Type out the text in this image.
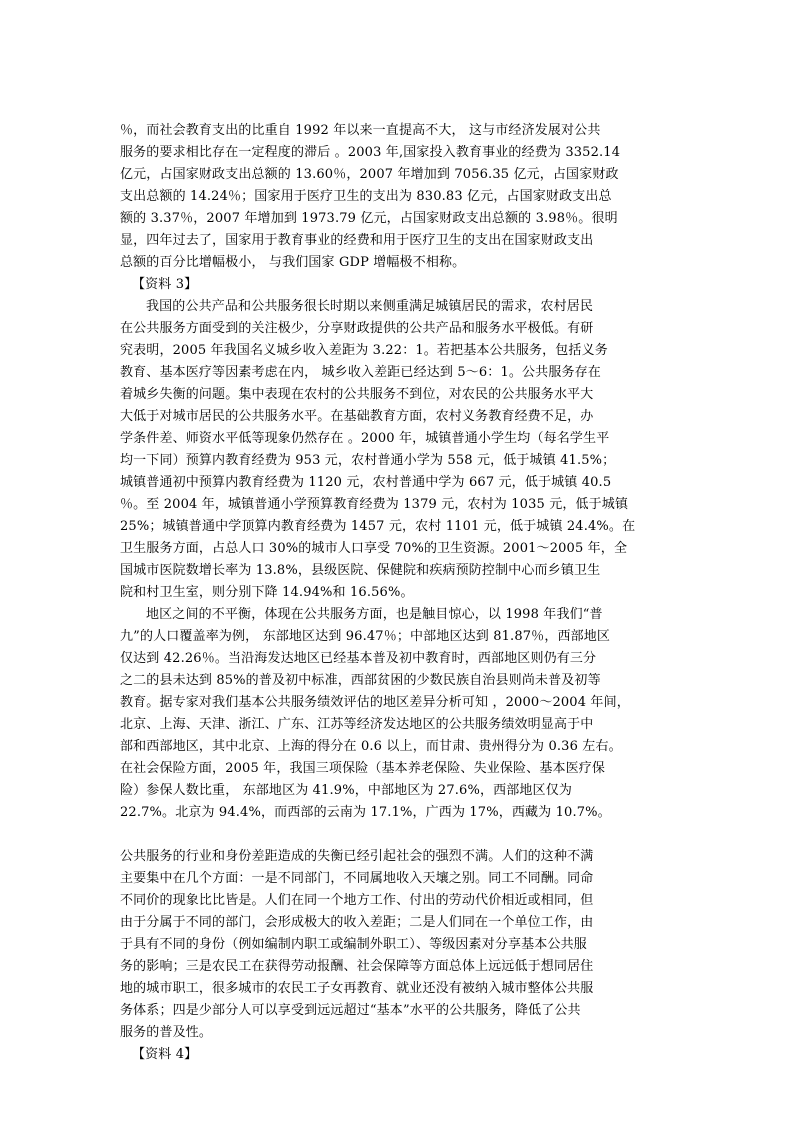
％，而社会教育支出的比重自 1992 年以来一直提高不大， 这与市经济发展对公共
服务的要求相比存在一定程度的滞后 。2003 年,国家投入教育事业的经费为 3352.14
亿元，占国家财政支出总额的 13.60％，2007 年增加到 7056.35 亿元，占国家财政
支出总额的 14.24％；国家用于医疗卫生的支出为 830.83 亿元，占国家财政支出总
额的 3.37％，2007 年增加到 1973.79 亿元，占国家财政支出总额的 3.98％。很明
显，四年过去了，国家用于教育事业的经费和用于医疗卫生的支出在国家财政支出
总额的百分比增幅极小， 与我们国家 GDP 增幅极不相称。
【资料 3】
我国的公共产品和公共服务很长时期以来侧重满足城镇居民的需求，农村居民
在公共服务方面受到的关注极少，分享财政提供的公共产品和服务水平极低。有研
究表明，2005 年我国名义城乡收入差距为 3.22：1。若把基本公共服务，包括义务
教育、基本医疗等因素考虑在内， 城乡收入差距已经达到 5～6：1。公共服务存在
着城乡失衡的问题。集中表现在农村的公共服务不到位，对农民的公共服务水平大
大低于对城市居民的公共服务水平。在基础教育方面，农村义务教育经费不足，办
学条件差、师资水平低等现象仍然存在 。2000 年，城镇普通小学生均（每名学生平
均一下同）预算内教育经费为 953 元，农村普通小学为 558 元，低于城镇 41.5%；
城镇普通初中预算内教育经费为 1120 元，农村普通中学为 667 元，低于城镇 40.5
％。至 2004 年，城镇普通小学预算教育经费为 1379 元，农村为 1035 元，低于城镇
25%；城镇普通中学顶算内教育经费为 1457 元，农村 1101 元，低于城镇 24.4%。在
卫生服务方面，占总人口 30%的城市人口享受 70%的卫生资源。2001～2005 年，全
国城市医院数增长率为 13.8%，县级医院、保健院和疾病预防控制中心而乡镇卫生
院和村卫生室，则分别下降 14.94%和 16.56%。
地区之间的不平衡，体现在公共服务方面，也是触目惊心，以 1998 年我们“普
九”的人口覆盖率为例， 东部地区达到 96.47％；中部地区达到 81.87％，西部地区
仅达到 42.26％。当沿海发达地区已经基本普及初中教育时，西部地区则仍有三分
之二的县未达到 85%的普及初中标准，西部贫困的少数民族自治县则尚未普及初等
教育。据专家对我们基本公共服务绩效评估的地区差异分析可知 ，2000～2004 年间，
北京、上海、天津、浙江、广东、江苏等经济发达地区的公共服务绩效明显高于中
部和西部地区，其中北京、上海的得分在 0.6 以上，而甘肃、贵州得分为 0.36 左右。
在社会保险方面，2005 年，我国三项保险（基本养老保险、失业保险、基本医疗保
险）参保人数比重， 东部地区为 41.9%，中部地区为 27.6%，西部地区仅为
22.7%。北京为 94.4%，而西部的云南为 17.1%，广西为 17%，西藏为 10.7%。
公共服务的行业和身份差距造成的失衡已经引起社会的强烈不满。人们的这种不满
主要集中在几个方面：一是不同部门，不同属地收入天壤之别。同工不同酬。同命
不同价的现象比比皆是。人们在同一个地方工作、付出的劳动代价相近或相同，但
由于分属于不同的部门，会形成极大的收入差距；二是人们同在一个单位工作，由
于具有不同的身份（例如编制内职工或编制外职工）、等级因素对分享基本公共服
务的影响；三是农民工在获得劳动报酬、社会保障等方面总体上远远低于想同居住
地的城市职工，很多城市的农民工子女再教育、就业还没有被纳入城市整体公共服
务体系；四是少部分人可以享受到远远超过“基本”水平的公共服务，降低了公共
服务的普及性。
【资料 4】
